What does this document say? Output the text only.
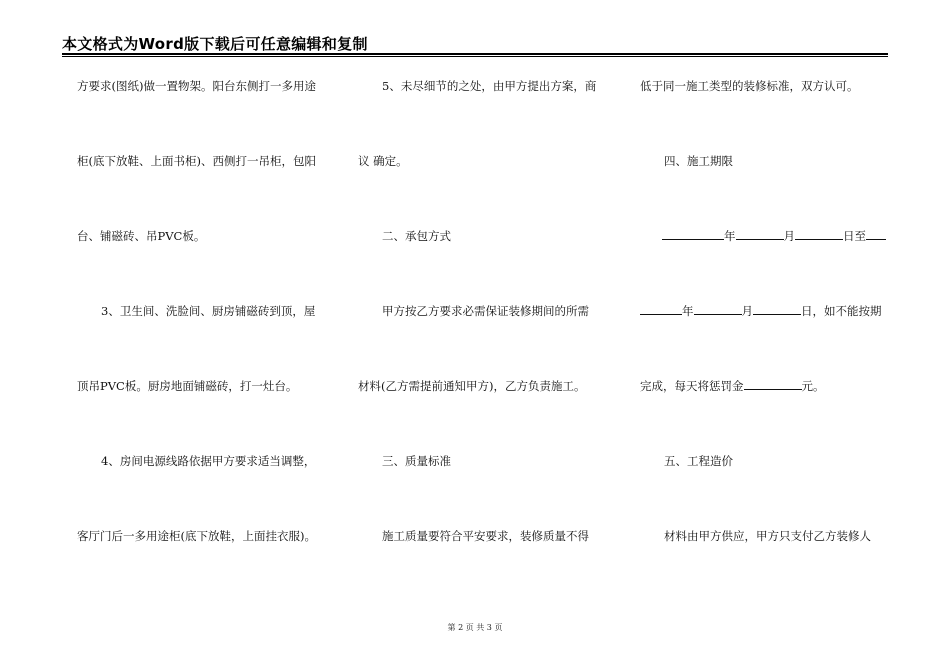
本文格式为Word版下载后可任意编辑和复制
方要求(图纸)做一置物架。阳台东侧打一多用途
柜(底下放鞋、上面书柜)、西侧打一吊柜，包阳
台、铺磁砖、吊PVC板。
3、卫生间、洗脸间、厨房铺磁砖到顶，屋
顶吊PVC板。厨房地面铺磁砖，打一灶台。
4、房间电源线路依据甲方要求适当调整，
客厅门后一多用途柜(底下放鞋，上面挂衣服)。
5、未尽细节的之处，由甲方提出方案，商
议 确定。
二、承包方式
甲方按乙方要求必需保证装修期间的所需
材料(乙方需提前通知甲方)，乙方负责施工。
三、质量标准
施工质量要符合平安要求，装修质量不得
低于同一施工类型的装修标准，双方认可。
四、施工期限
年	月	日至
年	月	日，如不能按期
完成，每天将惩罚金	元。
五、工程造价
材料由甲方供应，甲方只支付乙方装修人
第 2 页 共 3 页
